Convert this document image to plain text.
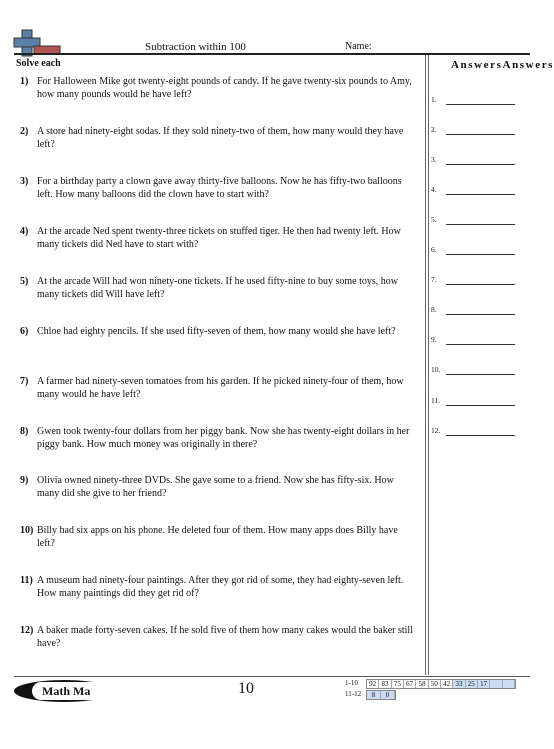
Subtraction within 100	Name:
Solve each
1) For Halloween Mike got twenty-eight pounds of candy. If he gave twenty-six pounds to Amy, how many pounds would he have left?
2) A store had ninety-eight sodas. If they sold ninety-two of them, how many would they have left?
3) For a birthday party a clown gave away thirty-five balloons. Now he has fifty-two balloons left. How many balloons did the clown have to start with?
4) At the arcade Ned spent twenty-three tickets on stuffed tiger. He then had twenty left. How many tickets did Ned have to start with?
5) At the arcade Will had won ninety-one tickets. If he used fifty-nine to buy some toys, how many tickets did Will have left?
6) Chloe had eighty pencils. If she used fifty-seven of them, how many would she have left?
7) A farmer had ninety-seven tomatoes from his garden. If he picked ninety-four of them, how many would he have left?
8) Gwen took twenty-four dollars from her piggy bank. Now she has twenty-eight dollars in her piggy bank. How much money was originally in there?
9) Olivia owned ninety-three DVDs. She gave some to a friend. Now she has fifty-six. How many did she give to her friend?
10) Billy had six apps on his phone. He deleted four of them. How many apps does Billy have left?
11) A museum had ninety-four paintings. After they got rid of some, they had eighty-seven left. How many paintings did they get rid of?
12) A baker made forty-seven cakes. If he sold five of them how many cakes would the baker still have?
AnswersAnswers
1.
2.
3.
4.
5.
6.
7.
8.
9.
10.
11.
12.
Math Ma	10	1-10	92 83 75 67 58 50 42 33 25 17
11-12	8	0
